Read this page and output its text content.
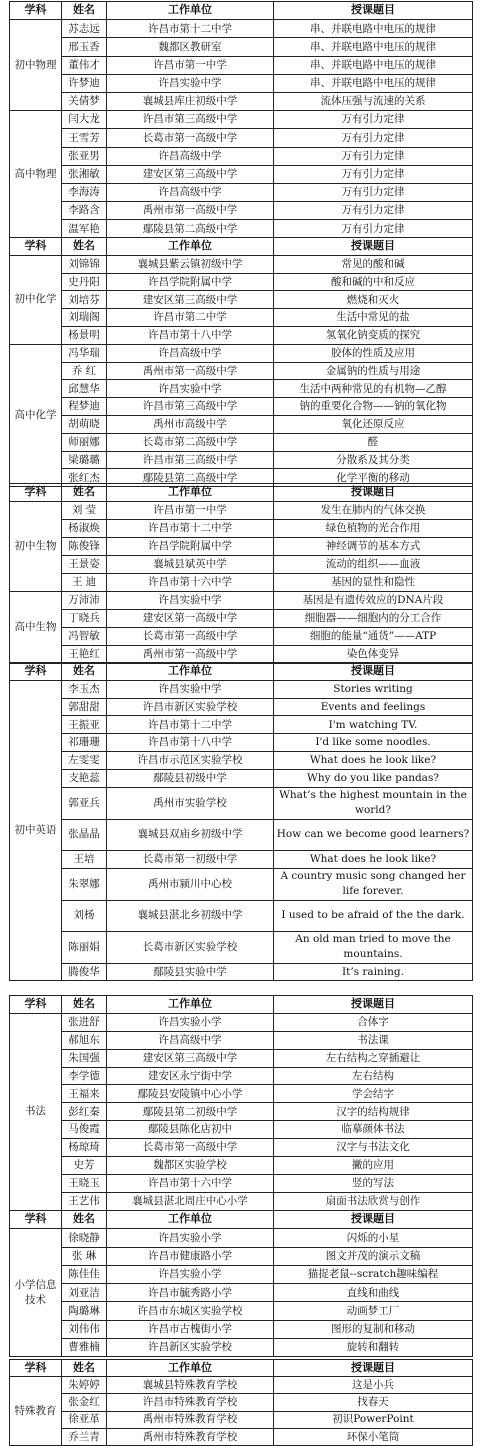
学科	姓名	工作单位	授课题目
初中物理	苏志远	许昌市第十二中学	串、并联电路中电压的规律
	邢玉香	魏都区教研室	串、并联电路中电压的规律
	董伟才	许昌市第一中学	串、并联电路中电压的规律
	许梦迪	许昌实验中学	串、并联电路中电压的规律
	关倩梦	襄城县库庄初级中学	流体压强与流速的关系
高中物理	闫大龙	许昌市第三高级中学	万有引力定律
	王雪芳	长葛市第一高级中学	万有引力定律
	张亚男	许昌高级中学	万有引力定律
	张湘敏	建安区第三高级中学	万有引力定律
	李海涛	许昌高级中学	万有引力定律
	李路含	禹州市第一高级中学	万有引力定律
	温军艳	鄢陵县第二高级中学	万有引力定律
学科	姓名	工作单位	授课题目
初中化学	刘锦锦	襄城县紫云镇初级中学	常见的酸和碱
	史丹阳	许昌学院附属中学	酸和碱的中和反应
	刘培芬	建安区第三高级中学	燃烧和灭火
	刘瑞阁	许昌市第二中学	生活中常见的盐
	杨景明	许昌市第十八中学	氢氧化钠变质的探究
高中化学	冯华瑞	许昌高级中学	胶体的性质及应用
	乔 红	禹州市第一高级中学	金属钠的性质与用途
	邱慧华	许昌实验中学	生活中两种常见的有机物—乙醇
	程梦迪	许昌市第三高级中学	钠的重要化合物——钠的氧化物
	胡萌晓	禹州市高级中学	氧化还原反应
	师丽娜	长葛市第二高级中学	醛
	梁璐璐	许昌市第三高级中学	分散系及其分类
	张红杰	鄢陵县第二高级中学	化学平衡的移动
学科	姓名	工作单位	授课题目
初中生物	刘 莹	许昌市第一中学	发生在肺内的气体交换
	杨淑焕	许昌市第十二中学	绿色植物的光合作用
	陈俊锋	许昌学院附属中学	神经调节的基本方式
	王景姿	襄城县斌英中学	流动的组织——血液
	王 迪	许昌市第十六中学	基因的显性和隐性
高中生物	万沛沛	许昌实验中学	基因是有遗传效应的DNA片段
	丁晓兵	建安区第一高级中学	细胞器——细胞内的分工合作
	冯智敏	长葛市第一高级中学	细胞的能量“通货”——ATP
	王艳红	禹州市第一高级中学	染色体变异
学科	姓名	工作单位	授课题目
初中英语	李玉杰	许昌实验中学	Stories writing
	郭甜甜	许昌市新区实验学校	Events and feelings
	王振亚	许昌市第十二中学	I'm watching TV.
	祁珊珊	许昌市第十八中学	I'd like some noodles.
	左雯雯	许昌市示范区实验学校	What does he look like?
	支艳蕊	鄢陵县初级中学	Why do you like pandas?
	郭亚兵	禹州市实验学校	What’s the highest mountain in the world?
	张晶晶	襄城县双庙乡初级中学	How can we become good learners?
	王培	长葛市第一初级中学	What does he look like?
	朱翠娜	禹州市颍川中心校	A country music song changed her life forever.
	刘杨	襄城县湛北乡初级中学	I used to be afraid of the the dark.
	陈丽娟	长葛市新区实验学校	An old man tried to move the mountains.
	腾俊华	鄢陵县实验中学	It’s raining.
学科	姓名	工作单位	授课题目
书法	张进舒	许昌实验小学	合体字
	郝旭东	许昌高级中学	书法课
	朱国强	建安区第三高级中学	左右结构之穿插避让
	李学德	建安区永宁街中学	左右结构
	王福来	鄢陵县安陵镇中心小学	学会结字
	彭红秦	鄢陵县第二初级中学	汉字的结构规律
	马俊霞	鄢陵县陈化店初中	临摹颜体书法
	杨琼琦	长葛市第一高级中学	汉字与书法文化
	史芳	魏都区实验学校	撇的应用
	王晓玉	许昌市第十六中学	竖的写法
	王艺伟	襄城县湛北周庄中心小学	扇面书法欣赏与创作
学科	姓名	工作单位	授课题目
小学信息技术	徐晓静	许昌实验小学	闪烁的小星
	张 琳	许昌市健康路小学	图文并茂的演示文稿
	陈佳佳	许昌实验小学	猫捉老鼠--scratch趣味编程
	刘亚洁	许昌市毓秀路小学	直线和曲线
	陶璐琳	许昌市东城区实验学校	动画梦工厂
	刘伟伟	许昌市古槐街小学	图形的复制和移动
	曹雅楠	许昌新区实验学校	旋转和翻转
学科	姓名	工作单位	授课题目
特殊教育	朱婷婷	襄城县特殊教育学校	这是小兵
	张金红	许昌市特殊教育学校	找春天
	徐亚革	禹州市特殊教育学校	初识PowerPoint
	乔兰青	禹州市特殊教育学校	环保小笔筒
